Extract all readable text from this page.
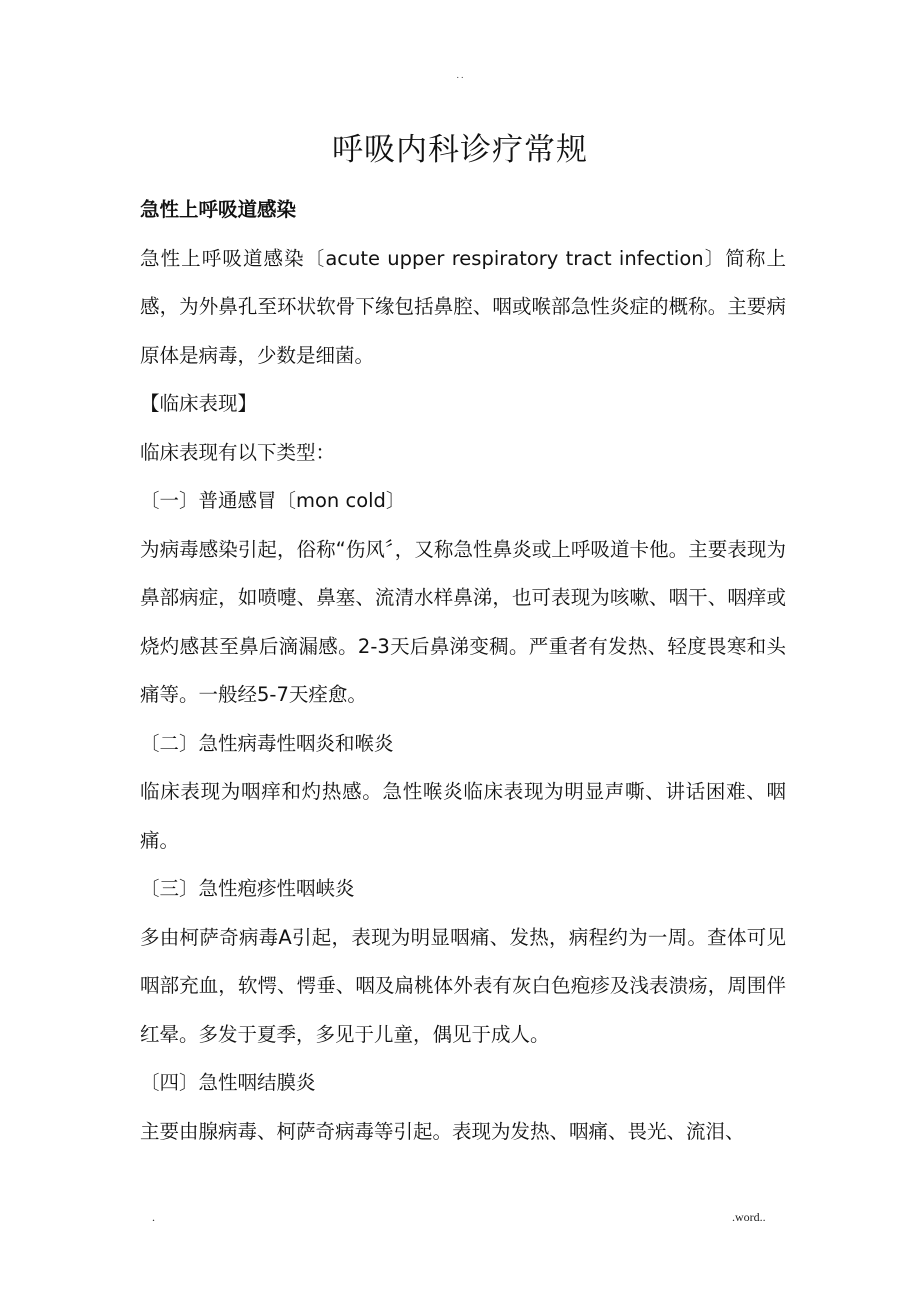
. .
呼吸内科诊疗常规

急性上呼吸道感染

急性上呼吸道感染〔acute upper respiratory tract infection〕简称上感，为外鼻孔至环状软骨下缘包括鼻腔、咽或喉部急性炎症的概称。主要病原体是病毒，少数是细菌。

【临床表现】

临床表现有以下类型：

〔一〕普通感冒〔mon cold〕

为病毒感染引起，俗称“伤风〞，又称急性鼻炎或上呼吸道卡他。主要表现为鼻部病症，如喷嚏、鼻塞、流清水样鼻涕，也可表现为咳嗽、咽干、咽痒或烧灼感甚至鼻后滴漏感。2-3天后鼻涕变稠。严重者有发热、轻度畏寒和头痛等。一般经5-7天痊愈。

〔二〕急性病毒性咽炎和喉炎

临床表现为咽痒和灼热感。急性喉炎临床表现为明显声嘶、讲话困难、咽痛。

〔三〕急性疱疹性咽峡炎

多由柯萨奇病毒A引起，表现为明显咽痛、发热，病程约为一周。查体可见咽部充血，软愕、愕垂、咽及扁桃体外表有灰白色疱疹及浅表溃疡，周围伴红晕。多发于夏季，多见于儿童，偶见于成人。

〔四〕急性咽结膜炎

主要由腺病毒、柯萨奇病毒等引起。表现为发热、咽痛、畏光、流泪、

.	.word..
